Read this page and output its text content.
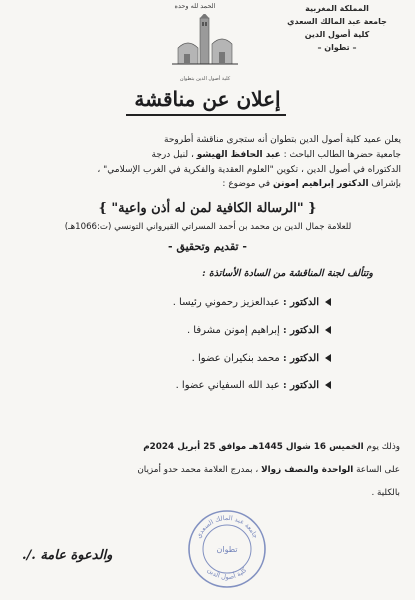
المملكة المغربية
جامعة عبد المالك السعدي
كلية أصول الدين
– تطوان –
الحمد لله وحده
كلية أصول الدين بتطوان
إعلان عن مناقشة
يعلن عميد كلية أصول الدين بتطوان أنه ستجرى مناقشة أطروحة
جامعية حضرها الطالب الباحث : عبد الحافظ الهيشو ، لنيل درجة
الدكتوراه في أصول الدين ، تكوين "العلوم العقدية والفكرية في الغرب الإسلامي" ،
بإشراف الدكتور إبراهيم إمونن في موضوع :
{ "الرسالة الكافية لمن له أذن واعية" }
للعلامة جمال الدين بن محمد بن أحمد المسراتي القيرواني التونسي (ت:1066هـ)
- تقديم وتحقيق -
وتتألف لجنة المناقشة من السادة الأساتذة :
الدكتور : عبدالعزيز رحموني رئيسا .
الدكتور : إبراهيم إمونن مشرفا .
الدكتور : محمد بنكيران عضوا .
الدكتور : عبد الله السفياني عضوا .
وذلك يوم الخميس 16 شوال 1445هـ موافق 25 أبريل 2024م
على الساعة الواحدة والنصف زوالا ، بمدرج العلامة محمد حدو أمزيان
بالكلية .
جامعة عبد المالك السعدي
كلية أصول الدين
تطوان
والدعوة عامة ./.
